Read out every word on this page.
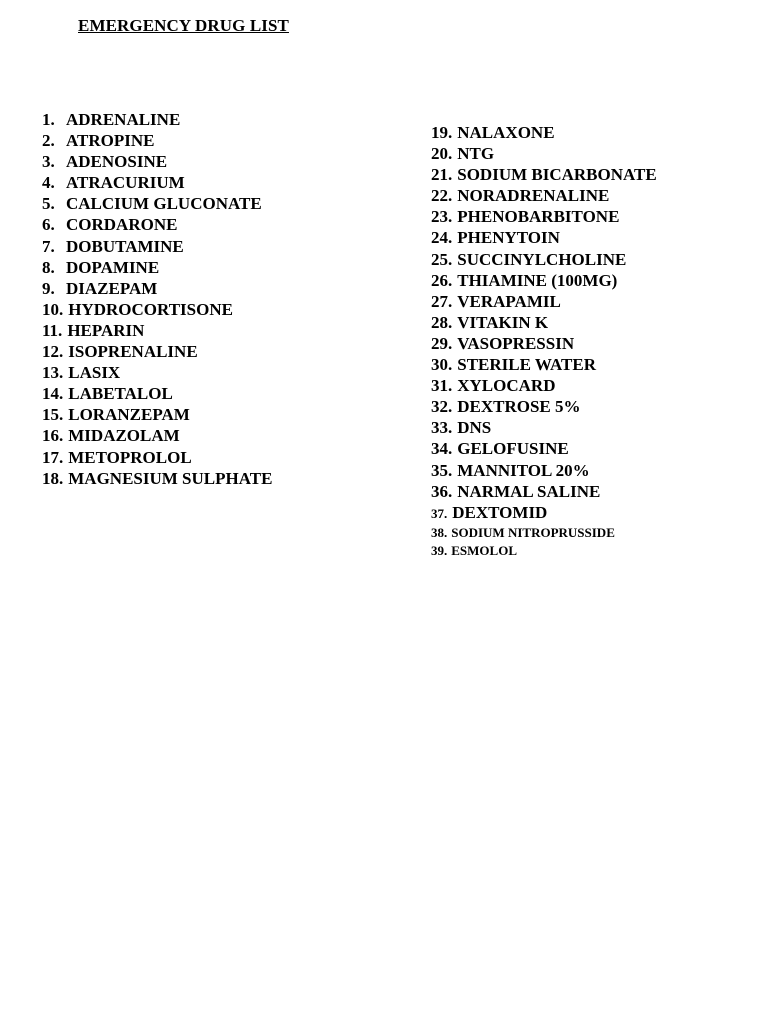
EMERGENCY DRUG LIST
1. ADRENALINE
2. ATROPINE
3. ADENOSINE
4. ATRACURIUM
5. CALCIUM GLUCONATE
6. CORDARONE
7. DOBUTAMINE
8. DOPAMINE
9. DIAZEPAM
10. HYDROCORTISONE
11. HEPARIN
12. ISOPRENALINE
13. LASIX
14. LABETALOL
15. LORANZEPAM
16. MIDAZOLAM
17. METOPROLOL
18. MAGNESIUM SULPHATE
19. NALAXONE
20. NTG
21. SODIUM BICARBONATE
22. NORADRENALINE
23. PHENOBARBITONE
24. PHENYTOIN
25. SUCCINYLCHOLINE
26. THIAMINE (100MG)
27. VERAPAMIL
28. VITAKIN K
29. VASOPRESSIN
30. STERILE WATER
31. XYLOCARD
32. DEXTROSE 5%
33. DNS
34. GELOFUSINE
35. MANNITOL 20%
36. NARMAL SALINE
37. DEXTOMID
38. SODIUM NITROPRUSSIDE
39. ESMOLOL
